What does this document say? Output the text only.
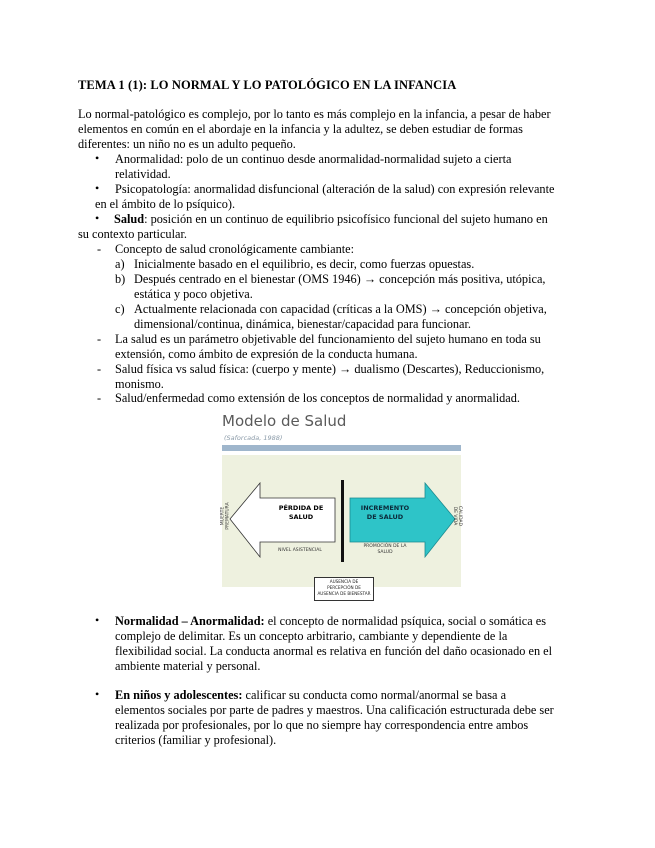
TEMA 1 (1): LO NORMAL Y LO PATOLÓGICO EN LA INFANCIA
Lo normal-patológico es complejo, por lo tanto es más complejo en la infancia, a pesar de haber
elementos en común en el abordaje en la infancia y la adultez, se deben estudiar de formas
diferentes: un niño no es un adulto pequeño.
• Anormalidad: polo de un continuo desde anormalidad-normalidad sujeto a cierta
relatividad.
• Psicopatología: anormalidad disfuncional (alteración de la salud) con expresión relevante
en el ámbito de lo psíquico).
• Salud: posición en un continuo de equilibrio psicofísico funcional del sujeto humano en
su contexto particular.
- Concepto de salud cronológicamente cambiante:
a) Inicialmente basado en el equilibrio, es decir, como fuerzas opuestas.
b) Después centrado en el bienestar (OMS 1946) → concepción más positiva, utópica,
estática y poco objetiva.
c) Actualmente relacionada con capacidad (críticas a la OMS) → concepción objetiva,
dimensional/continua, dinámica, bienestar/capacidad para funcionar.
- La salud es un parámetro objetivable del funcionamiento del sujeto humano en toda su
extensión, como ámbito de expresión de la conducta humana.
- Salud física vs salud física: (cuerpo y mente) → dualismo (Descartes), Reduccionismo,
monismo.
- Salud/enfermedad como extensión de los conceptos de normalidad y anormalidad.
Modelo de Salud
(Saforcada, 1988)
PÉRDIDA DE
SALUD
INCREMENTO
DE SALUD
MUERTE PREMATURA	CALIDAD
DE VIDA
NIVEL ASISTENCIAL
PROMOCIÓN DE LA
SALUD
AUSENCIA DE
PERCEPCIÓN DE
AUSENCIA DE BIENESTAR
• Normalidad – Anormalidad: el concepto de normalidad psíquica, social o somática es
complejo de delimitar. Es un concepto arbitrario, cambiante y dependiente de la
flexibilidad social. La conducta anormal es relativa en función del daño ocasionado en el
ambiente material y personal.
• En niños y adolescentes: calificar su conducta como normal/anormal se basa a
elementos sociales por parte de padres y maestros. Una calificación estructurada debe ser
realizada por profesionales, por lo que no siempre hay correspondencia entre ambos
criterios (familiar y profesional).
